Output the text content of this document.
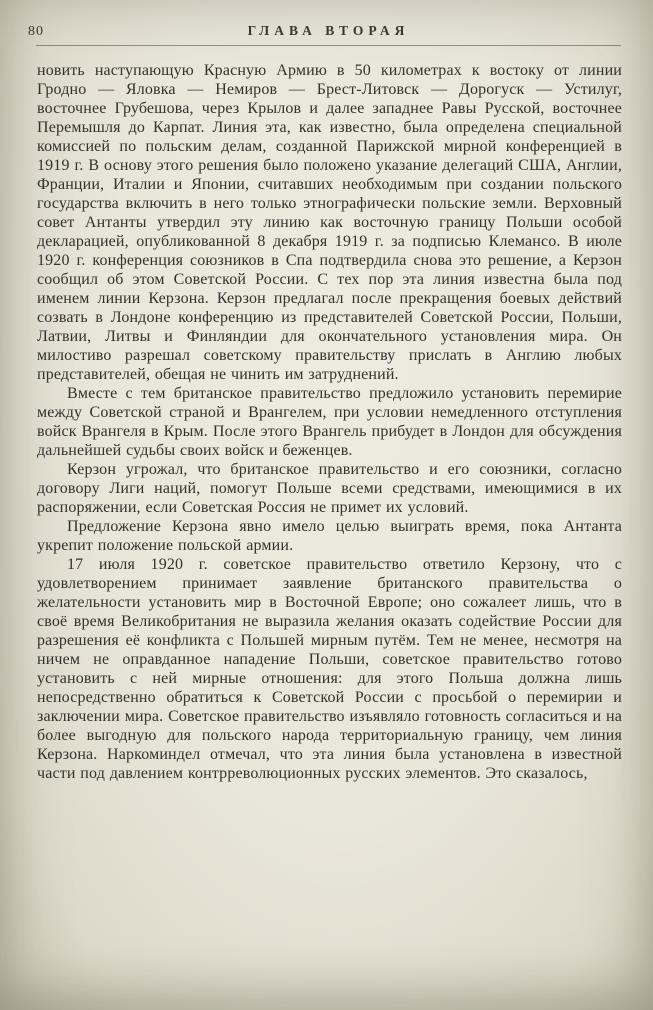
80	ГЛАВА ВТОРАЯ

новить наступающую Красную Армию в 50 километрах к востоку от линии Гродно — Яловка — Немиров — Брест-Литовск — Дорогуск — Устилуг, восточнее Грубешова, через Крылов и далее западнее Равы Русской, восточнее Перемышля до Карпат. Линия эта, как известно, была определена специальной комиссией по польским делам, созданной Парижской мирной конференцией в 1919 г. В основу этого решения было положено указание делегаций США, Англии, Франции, Италии и Японии, считавших необходимым при создании польского государства включить в него только этнографически польские земли. Верховный совет Антанты утвердил эту линию как восточную границу Польши особой декларацией, опубликованной 8 декабря 1919 г. за подписью Клемансо. В июле 1920 г. конференция союзников в Спа подтвердила снова это решение, а Керзон сообщил об этом Советской России. С тех пор эта линия известна была под именем линии Керзона. Керзон предлагал после прекращения боевых действий созвать в Лондоне конференцию из представителей Советской России, Польши, Латвии, Литвы и Финляндии для окончательного установления мира. Он милостиво разрешал советскому правительству прислать в Англию любых представителей, обещая не чинить им затруднений.

Вместе с тем британское правительство предложило установить перемирие между Советской страной и Врангелем, при условии немедленного отступления войск Врангеля в Крым. После этого Врангель прибудет в Лондон для обсуждения дальнейшей судьбы своих войск и беженцев.

Керзон угрожал, что британское правительство и его союзники, согласно договору Лиги наций, помогут Польше всеми средствами, имеющимися в их распоряжении, если Советская Россия не примет их условий.

Предложение Керзона явно имело целью выиграть время, пока Антанта укрепит положение польской армии.

17 июля 1920 г. советское правительство ответило Керзону, что с удовлетворением принимает заявление британского правительства о желательности установить мир в Восточной Европе; оно сожалеет лишь, что в своё время Великобритания не выразила желания оказать содействие России для разрешения её конфликта с Польшей мирным путём. Тем не менее, несмотря на ничем не оправданное нападение Польши, советское правительство готово установить с ней мирные отношения: для этого Польша должна лишь непосредственно обратиться к Советской России с просьбой о перемирии и заключении мира. Советское правительство изъявляло готовность согласиться и на более выгодную для польского народа территориальную границу, чем линия Керзона. Наркоминдел отмечал, что эта линия была установлена в известной части под давлением контрреволюционных русских элементов. Это сказалось,
